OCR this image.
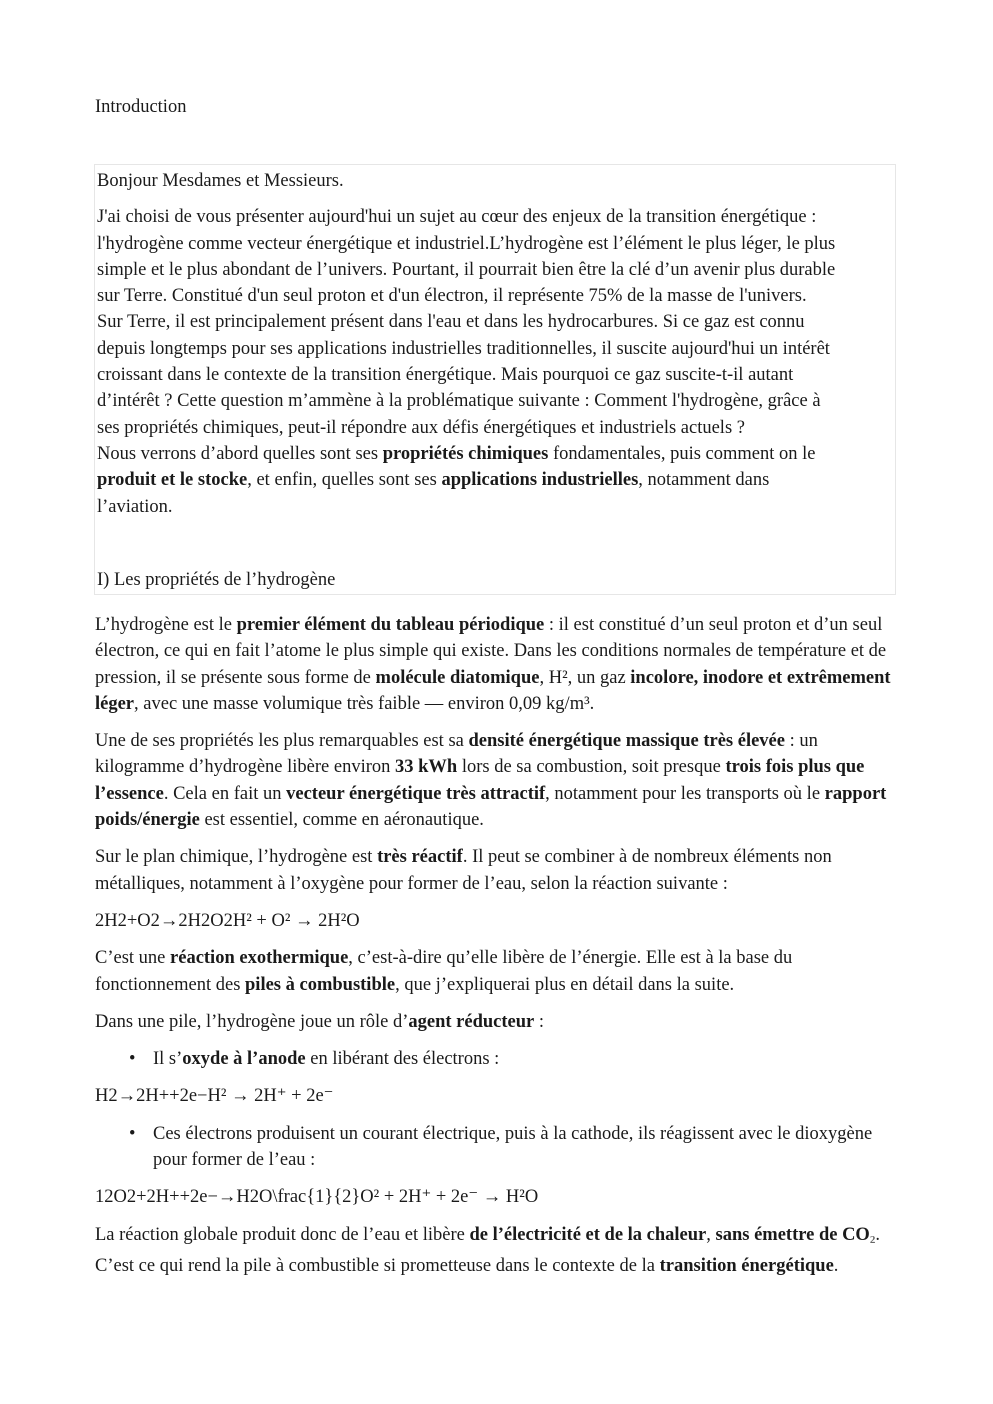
Introduction

Bonjour Mesdames et Messieurs.

J'ai choisi de vous présenter aujourd'hui un sujet au cœur des enjeux de la transition énergétique :
l'hydrogène comme vecteur énergétique et industriel.L’hydrogène est l’élément le plus léger, le plus
simple et le plus abondant de l’univers. Pourtant, il pourrait bien être la clé d’un avenir plus durable
sur Terre. Constitué d'un seul proton et d'un électron, il représente 75% de la masse de l'univers.
Sur Terre, il est principalement présent dans l'eau et dans les hydrocarbures. Si ce gaz est connu
depuis longtemps pour ses applications industrielles traditionnelles, il suscite aujourd'hui un intérêt
croissant dans le contexte de la transition énergétique. Mais pourquoi ce gaz suscite-t-il autant
d’intérêt ? Cette question m’ammène à la problématique suivante : Comment l'hydrogène, grâce à
ses propriétés chimiques, peut-il répondre aux défis énergétiques et industriels actuels ?
Nous verrons d’abord quelles sont ses propriétés chimiques fondamentales, puis comment on le
produit et le stocke, et enfin, quelles sont ses applications industrielles, notamment dans
l’aviation.

I) Les propriétés de l’hydrogène

L’hydrogène est le premier élément du tableau périodique : il est constitué d’un seul proton et d’un seul électron, ce qui en fait l’atome le plus simple qui existe. Dans les conditions normales de température et de pression, il se présente sous forme de molécule diatomique, H², un gaz incolore, inodore et extrêmement léger, avec une masse volumique très faible — environ 0,09 kg/m³.

Une de ses propriétés les plus remarquables est sa densité énergétique massique très élevée : un kilogramme d’hydrogène libère environ 33 kWh lors de sa combustion, soit presque trois fois plus que l’essence. Cela en fait un vecteur énergétique très attractif, notamment pour les transports où le rapport poids/énergie est essentiel, comme en aéronautique.

Sur le plan chimique, l’hydrogène est très réactif. Il peut se combiner à de nombreux éléments non métalliques, notamment à l’oxygène pour former de l’eau, selon la réaction suivante :

2H2+O2→2H2O2H² + O² → 2H²O

C’est une réaction exothermique, c’est-à-dire qu’elle libère de l’énergie. Elle est à la base du fonctionnement des piles à combustible, que j’expliquerai plus en détail dans la suite.

Dans une pile, l’hydrogène joue un rôle d’agent réducteur :

• Il s’oxyde à l’anode en libérant des électrons :

H2→2H++2e−H² → 2H⁺ + 2e⁻

• Ces électrons produisent un courant électrique, puis à la cathode, ils réagissent avec le dioxygène pour former de l’eau :

12O2+2H++2e−→H2O\frac{1}{2}O² + 2H⁺ + 2e⁻ → H²O

La réaction globale produit donc de l’eau et libère de l’électricité et de la chaleur, sans émettre de $CO_2$. C’est ce qui rend la pile à combustible si prometteuse dans le contexte de la transition énergétique.
